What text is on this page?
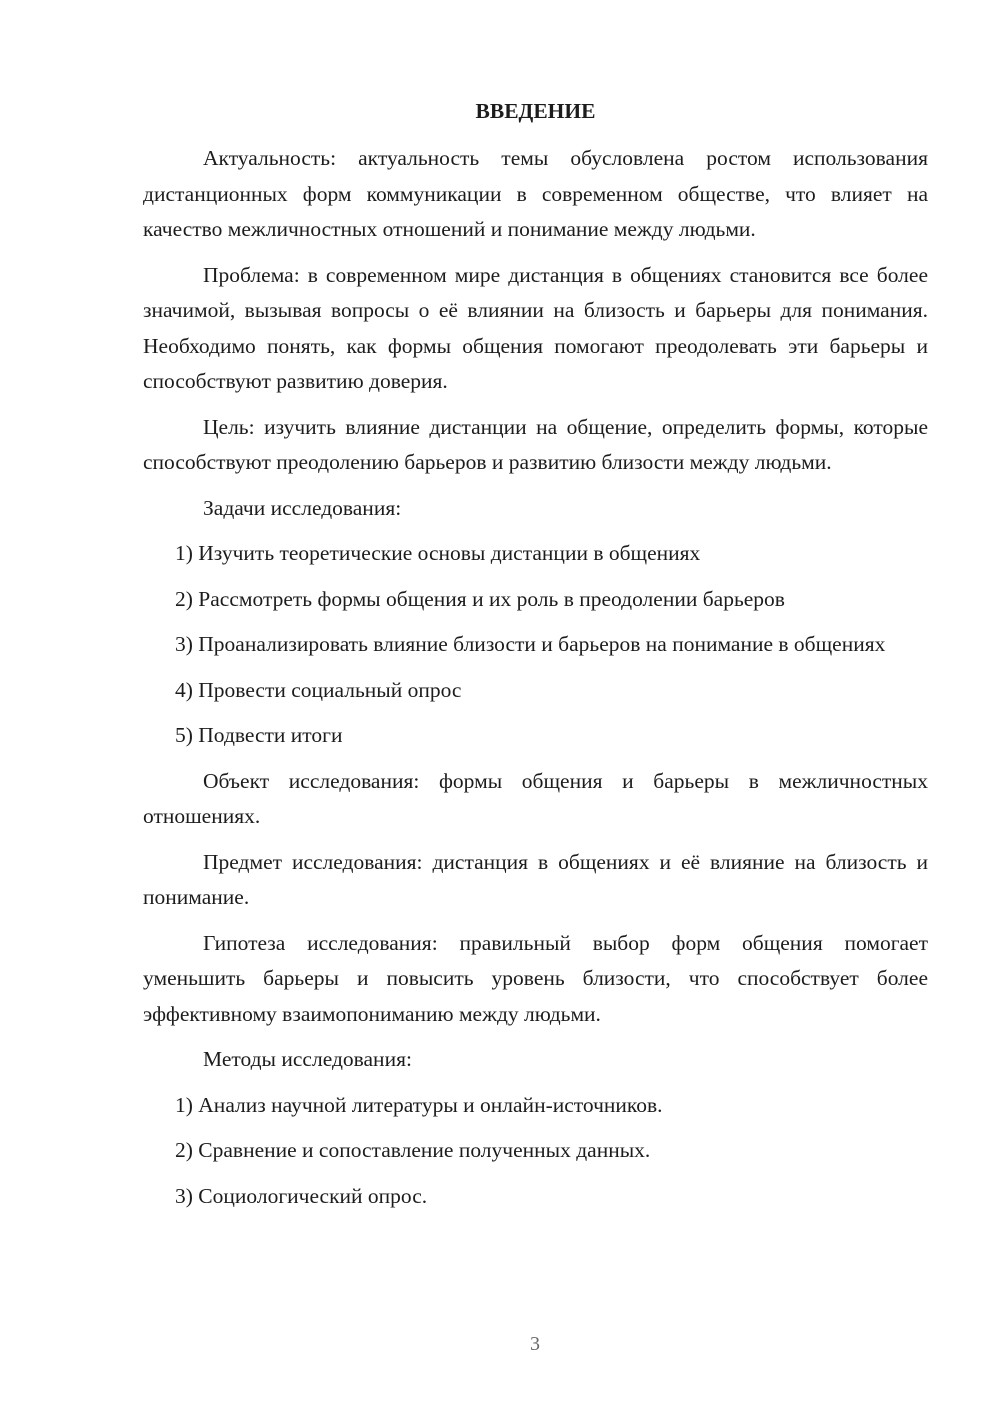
ВВЕДЕНИЕ

Актуальность: актуальность темы обусловлена ростом использования дистанционных форм коммуникации в современном обществе, что влияет на качество межличностных отношений и понимание между людьми.

Проблема: в современном мире дистанция в общениях становится все более значимой, вызывая вопросы о её влиянии на близость и барьеры для понимания. Необходимо понять, как формы общения помогают преодолевать эти барьеры и способствуют развитию доверия.

Цель: изучить влияние дистанции на общение, определить формы, которые способствуют преодолению барьеров и развитию близости между людьми.

Задачи исследования:

1) Изучить теоретические основы дистанции в общениях

2) Рассмотреть формы общения и их роль в преодолении барьеров

3) Проанализировать влияние близости и барьеров на понимание в общениях

4) Провести социальный опрос

5) Подвести итоги

Объект исследования: формы общения и барьеры в межличностных отношениях.

Предмет исследования: дистанция в общениях и её влияние на близость и понимание.

Гипотеза исследования: правильный выбор форм общения помогает уменьшить барьеры и повысить уровень близости, что способствует более эффективному взаимопониманию между людьми.

Методы исследования:

1) Анализ научной литературы и онлайн-источников.

2) Сравнение и сопоставление полученных данных.

3) Социологический опрос.

3
